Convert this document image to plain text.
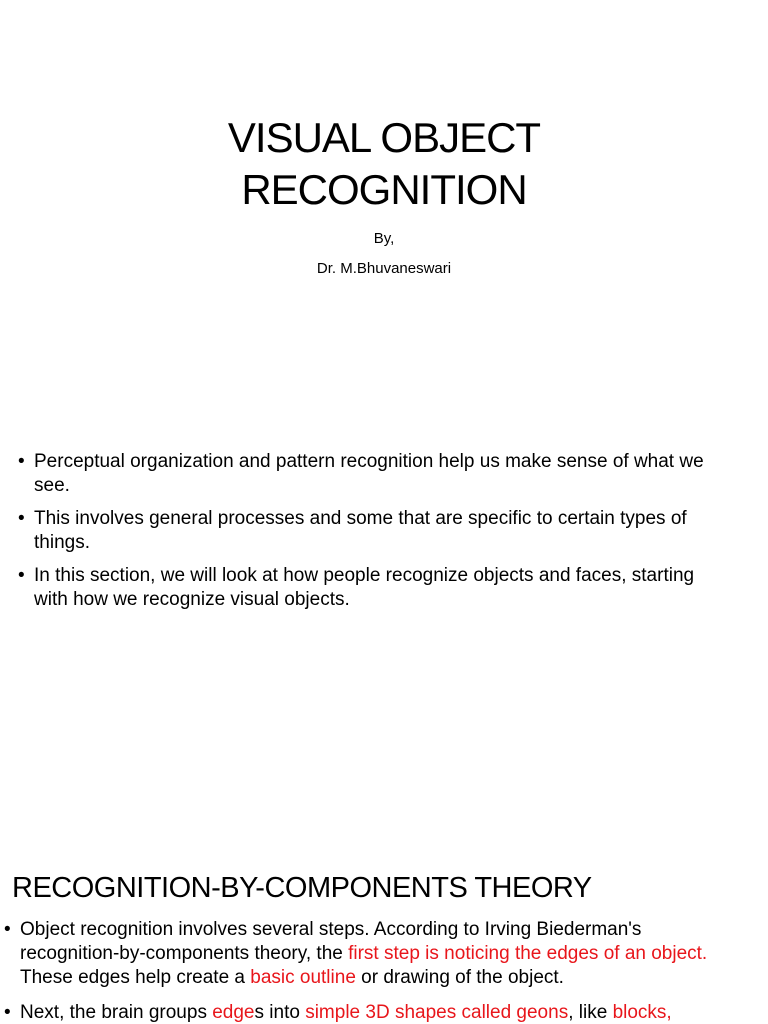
VISUAL OBJECT
RECOGNITION
By,
Dr. M.Bhuvaneswari
• Perceptual organization and pattern recognition help us make sense of what we see.
• This involves general processes and some that are specific to certain types of things.
• In this section, we will look at how people recognize objects and faces, starting with how we recognize visual objects.
RECOGNITION-BY-COMPONENTS THEORY
• Object recognition involves several steps. According to Irving Biederman's recognition-by-components theory, the first step is noticing the edges of an object. These edges help create a basic outline or drawing of the object.
• Next, the brain groups edges into simple 3D shapes called geons, like blocks,
